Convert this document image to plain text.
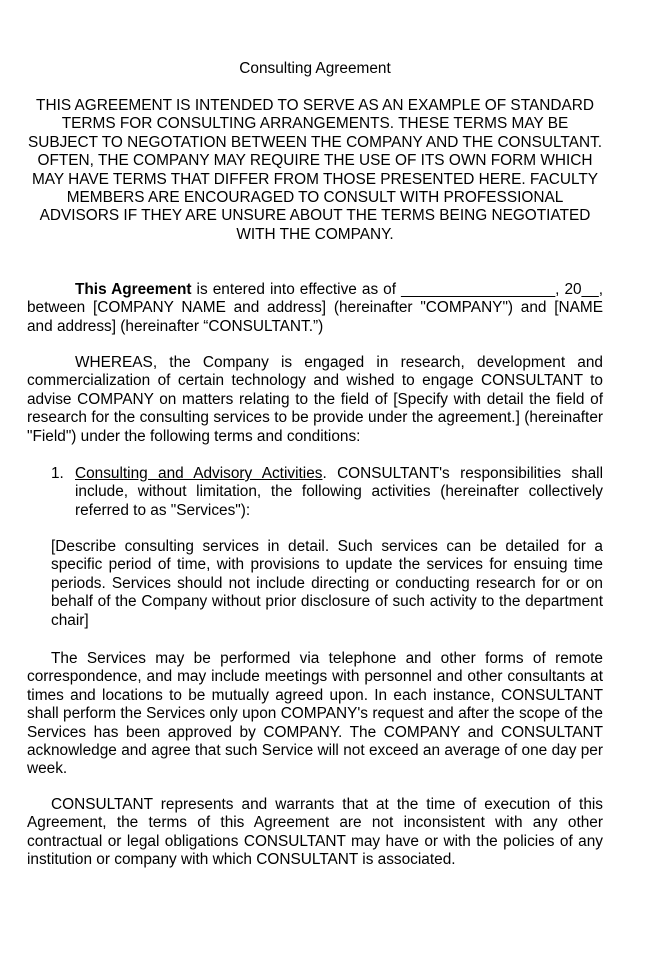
Consulting Agreement
THIS AGREEMENT IS INTENDED TO SERVE AS AN EXAMPLE OF STANDARD TERMS FOR CONSULTING ARRANGEMENTS. THESE TERMS MAY BE SUBJECT TO NEGOTATION BETWEEN THE COMPANY AND THE CONSULTANT. OFTEN, THE COMPANY MAY REQUIRE THE USE OF ITS OWN FORM WHICH MAY HAVE TERMS THAT DIFFER FROM THOSE PRESENTED HERE. FACULTY MEMBERS ARE ENCOURAGED TO CONSULT WITH PROFESSIONAL ADVISORS IF THEY ARE UNSURE ABOUT THE TERMS BEING NEGOTIATED WITH THE COMPANY.
This Agreement is entered into effective as of __________________, 20__, between [COMPANY NAME and address] (hereinafter "COMPANY") and [NAME and address] (hereinafter “CONSULTANT.”)
WHEREAS, the Company is engaged in research, development and commercialization of certain technology and wished to engage CONSULTANT to advise COMPANY on matters relating to the field of [Specify with detail the field of research for the consulting services to be provide under the agreement.] (hereinafter "Field") under the following terms and conditions:
1. Consulting and Advisory Activities. CONSULTANT's responsibilities shall include, without limitation, the following activities (hereinafter collectively referred to as "Services"):
[Describe consulting services in detail. Such services can be detailed for a specific period of time, with provisions to update the services for ensuing time periods. Services should not include directing or conducting research for or on behalf of the Company without prior disclosure of such activity to the department chair]
The Services may be performed via telephone and other forms of remote correspondence, and may include meetings with personnel and other consultants at times and locations to be mutually agreed upon. In each instance, CONSULTANT shall perform the Services only upon COMPANY's request and after the scope of the Services has been approved by COMPANY. The COMPANY and CONSULTANT acknowledge and agree that such Service will not exceed an average of one day per week.
CONSULTANT represents and warrants that at the time of execution of this Agreement, the terms of this Agreement are not inconsistent with any other contractual or legal obligations CONSULTANT may have or with the policies of any institution or company with which CONSULTANT is associated.
